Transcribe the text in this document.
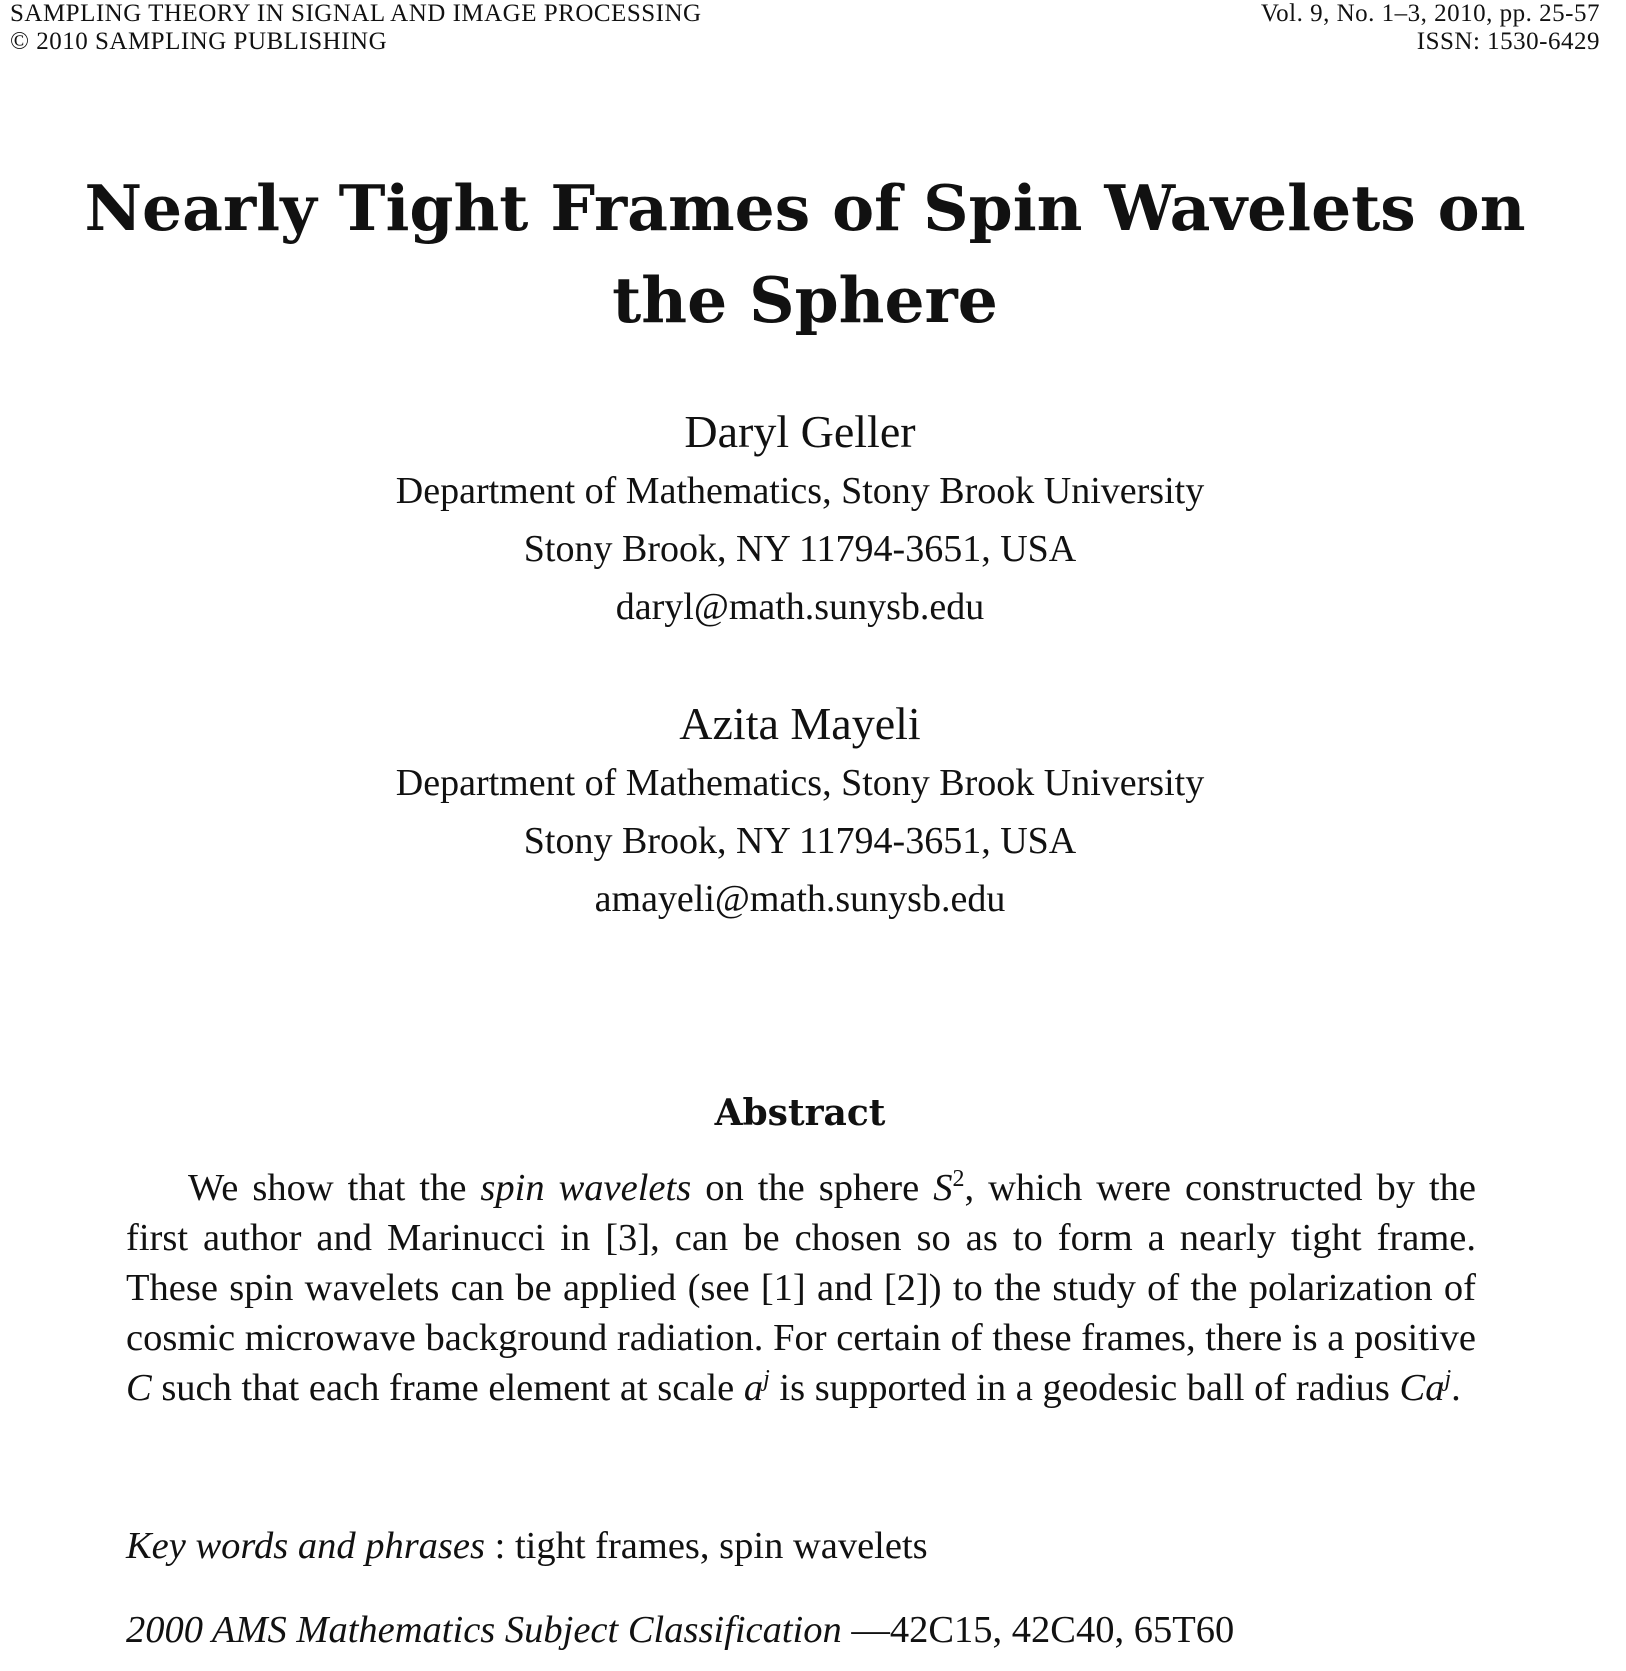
SAMPLING THEORY IN SIGNAL AND IMAGE PROCESSING
© 2010 SAMPLING PUBLISHING
Vol. 9, No. 1–3, 2010, pp. 25-57
ISSN: 1530-6429
Nearly Tight Frames of Spin Wavelets on
the Sphere
Daryl Geller
Department of Mathematics, Stony Brook University
Stony Brook, NY 11794-3651, USA
daryl@math.sunysb.edu
Azita Mayeli
Department of Mathematics, Stony Brook University
Stony Brook, NY 11794-3651, USA
amayeli@math.sunysb.edu
Abstract
We show that the spin wavelets on the sphere $S^2$, which were constructed by the first author and Marinucci in [3], can be chosen so as to form a nearly tight frame. These spin wavelets can be applied (see [1] and [2]) to the study of the polarization of cosmic microwave background radiation. For certain of these frames, there is a positive C such that each frame element at scale $a^j$ is supported in a geodesic ball of radius Ca$^j$.
Key words and phrases : tight frames, spin wavelets
2000 AMS Mathematics Subject Classification —42C15, 42C40, 65T60
